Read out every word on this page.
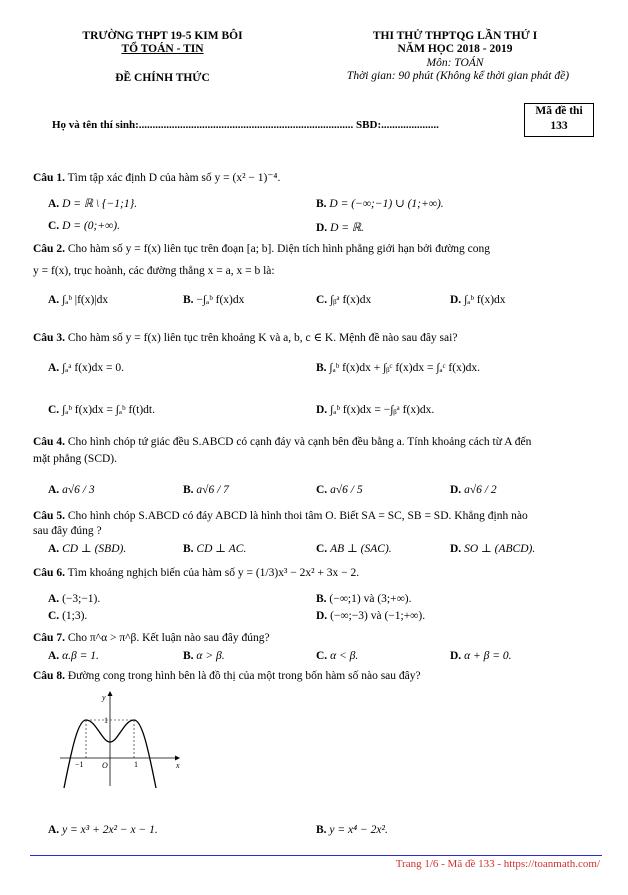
TRƯỜNG THPT 19-5 KIM BÔI
TỔ TOÁN - TIN
ĐỀ CHÍNH THỨC
THI THỬ THPTQG LẦN THỨ I
NĂM HỌC 2018 - 2019
Môn: TOÁN
Thời gian: 90 phút (Không kể thời gian phát đề)
Họ và tên thí sinh:.............................................................................. SBD:.....................
Mã đề thi
133
Câu 1. Tìm tập xác định D của hàm số y = (x² − 1)⁻⁴.
A. D = ℝ \ {−1;1}.	B. D = (−∞;−1) ∪ (1;+∞).
C. D = (0;+∞).	D. D = ℝ.
Câu 2. Cho hàm số y = f(x) liên tục trên đoạn [a; b]. Diện tích hình phẳng giới hạn bởi đường cong
y = f(x), trục hoành, các đường thẳng x = a, x = b là:
A. ∫ₐᵇ |f(x)|dx	B. −∫ₐᵇ f(x)dx	C. ∫ᵦᵃ f(x)dx	D. ∫ₐᵇ f(x)dx
Câu 3. Cho hàm số y = f(x) liên tục trên khoảng K và a, b, c ∈ K. Mệnh đề nào sau đây sai?
A. ∫ₐᵃ f(x)dx = 0.	B. ∫ₐᵇ f(x)dx + ∫ᵦᶜ f(x)dx = ∫ₐᶜ f(x)dx.
C. ∫ₐᵇ f(x)dx = ∫ₐᵇ f(t)dt.	D. ∫ₐᵇ f(x)dx = −∫ᵦᵃ f(x)dx.
Câu 4. Cho hình chóp tứ giác đều S.ABCD có cạnh đáy và cạnh bên đều bằng a. Tính khoảng cách từ A đến
mặt phẳng (SCD).
A. a√6 / 3	B. a√6 / 7	C. a√6 / 5	D. a√6 / 2
Câu 5. Cho hình chóp S.ABCD có đáy ABCD là hình thoi tâm O. Biết SA = SC, SB = SD. Khẳng định nào
sau đây đúng ?
A. CD ⊥ (SBD).	B. CD ⊥ AC.	C. AB ⊥ (SAC).	D. SO ⊥ (ABCD).
Câu 6. Tìm khoảng nghịch biến của hàm số y = (1/3)x³ − 2x² + 3x − 2.
A. (−3;−1).	B. (−∞;1) và (3;+∞).
C. (1;3).	D. (−∞;−3) và (−1;+∞).
Câu 7. Cho π^α > π^β. Kết luận nào sau đây đúng?
A. α.β = 1.	B. α > β.	C. α < β.	D. α + β = 0.
Câu 8. Đường cong trong hình bên là đồ thị của một trong bốn hàm số nào sau đây?
y
x
1
−1 O	1
A. y = x³ + 2x² − x − 1.	B. y = x⁴ − 2x².
Trang 1/6 - Mã đề 133 - https://toanmath.com/
